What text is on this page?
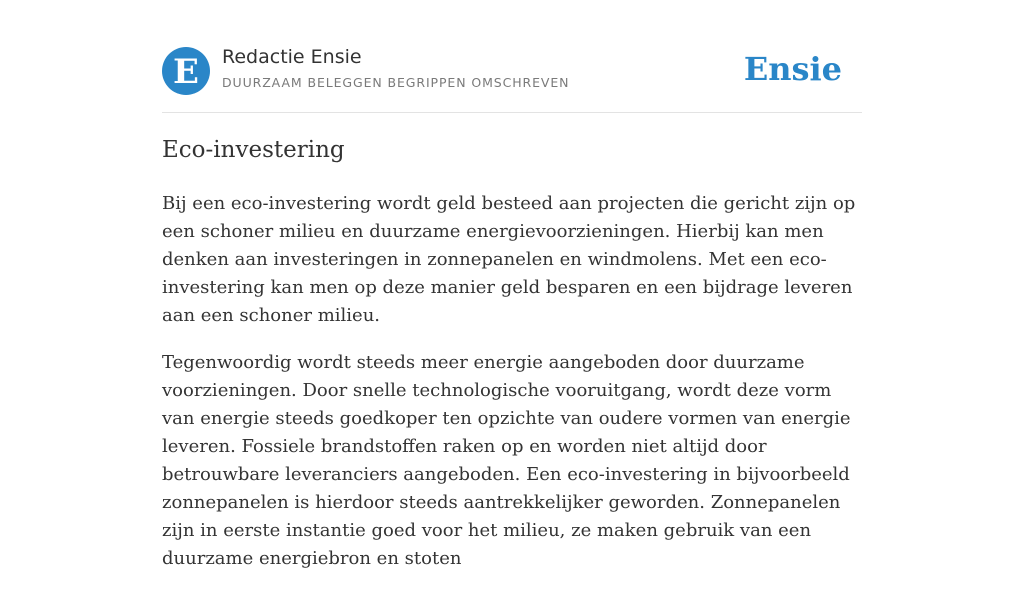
E Redactie Ensie
DUURZAAM BELEGGEN BEGRIPPEN OMSCHREVEN	Ensie
Eco-investering

Bij een eco-investering wordt geld besteed aan projecten die gericht zijn op een schoner milieu en duurzame energievoorzieningen. Hierbij kan men denken aan investeringen in zonnepanelen en windmolens. Met een eco-investering kan men op deze manier geld besparen en een bijdrage leveren aan een schoner milieu.

Tegenwoordig wordt steeds meer energie aangeboden door duurzame voorzieningen. Door snelle technologische vooruitgang, wordt deze vorm van energie steeds goedkoper ten opzichte van oudere vormen van energie leveren. Fossiele brandstoffen raken op en worden niet altijd door betrouwbare leveranciers aangeboden. Een eco-investering in bijvoorbeeld zonnepanelen is hierdoor steeds aantrekkelijker geworden. Zonnepanelen zijn in eerste instantie goed voor het milieu, ze maken gebruik van een duurzame energiebron en stoten
